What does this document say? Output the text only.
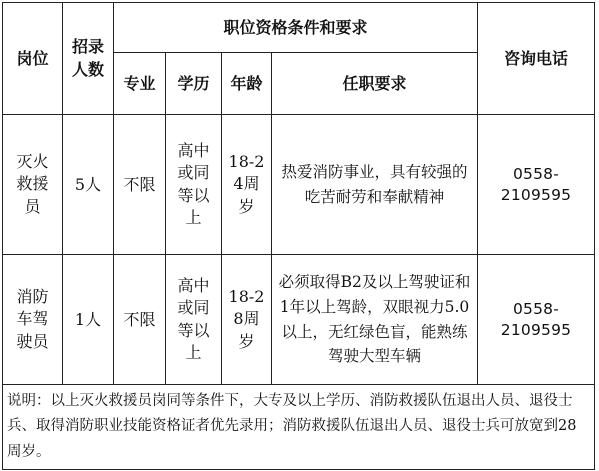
岗位	招录人数	职位资格条件和要求				咨询电话
		专业	学历	年龄	任职要求	
灭火救援员	5人	不限	高中或同等以上	18-24周岁	热爱消防事业，具有较强的吃苦耐劳和奉献精神	0558-2109595
消防车驾驶员	1人	不限	高中或同等以上	18-28周岁	必须取得B2及以上驾驶证和1年以上驾龄，双眼视力5.0以上，无红绿色盲，能熟练驾驶大型车辆	0558-2109595
说明：以上灭火救援员岗同等条件下，大专及以上学历、消防救援队伍退出人员、退役士兵、取得消防职业技能资格证者优先录用；消防救援队伍退出人员、退役士兵可放宽到28周岁。						
